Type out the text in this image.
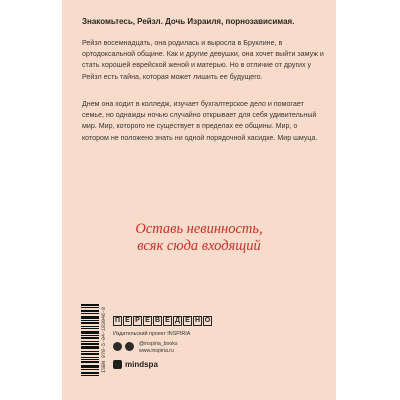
Знакомьтесь, Рейзл. Дочь Израиля, порнозависимая.
Рейзл восемнадцать, она родилась и выросла в Бруклине, в ортодоксальной общине. Как и другие девушки, она хочет выйти замуж и стать хорошей еврейской женой и матерью. Но в отличие от других у Рейзл есть тайна, которая может лишить ее будущего.
Днем она ходит в колледж, изучает бухгалтерское дело и помогает семье, но однажды ночью случайно открывает для себя удивительный мир. Мир, которого не существует в пределах ее общины. Мир, о котором не положено знать ни одной порядочной хасидке. Мир шмуца.
Оставь невинность,
всяк сюда входящий
ISBN 978-5-04-183046-8 П Е Р Е В Е Д Е Н О
Издательский проект INSPIRIA
@inspiria_books
www.inspiria.ru
mindspa
